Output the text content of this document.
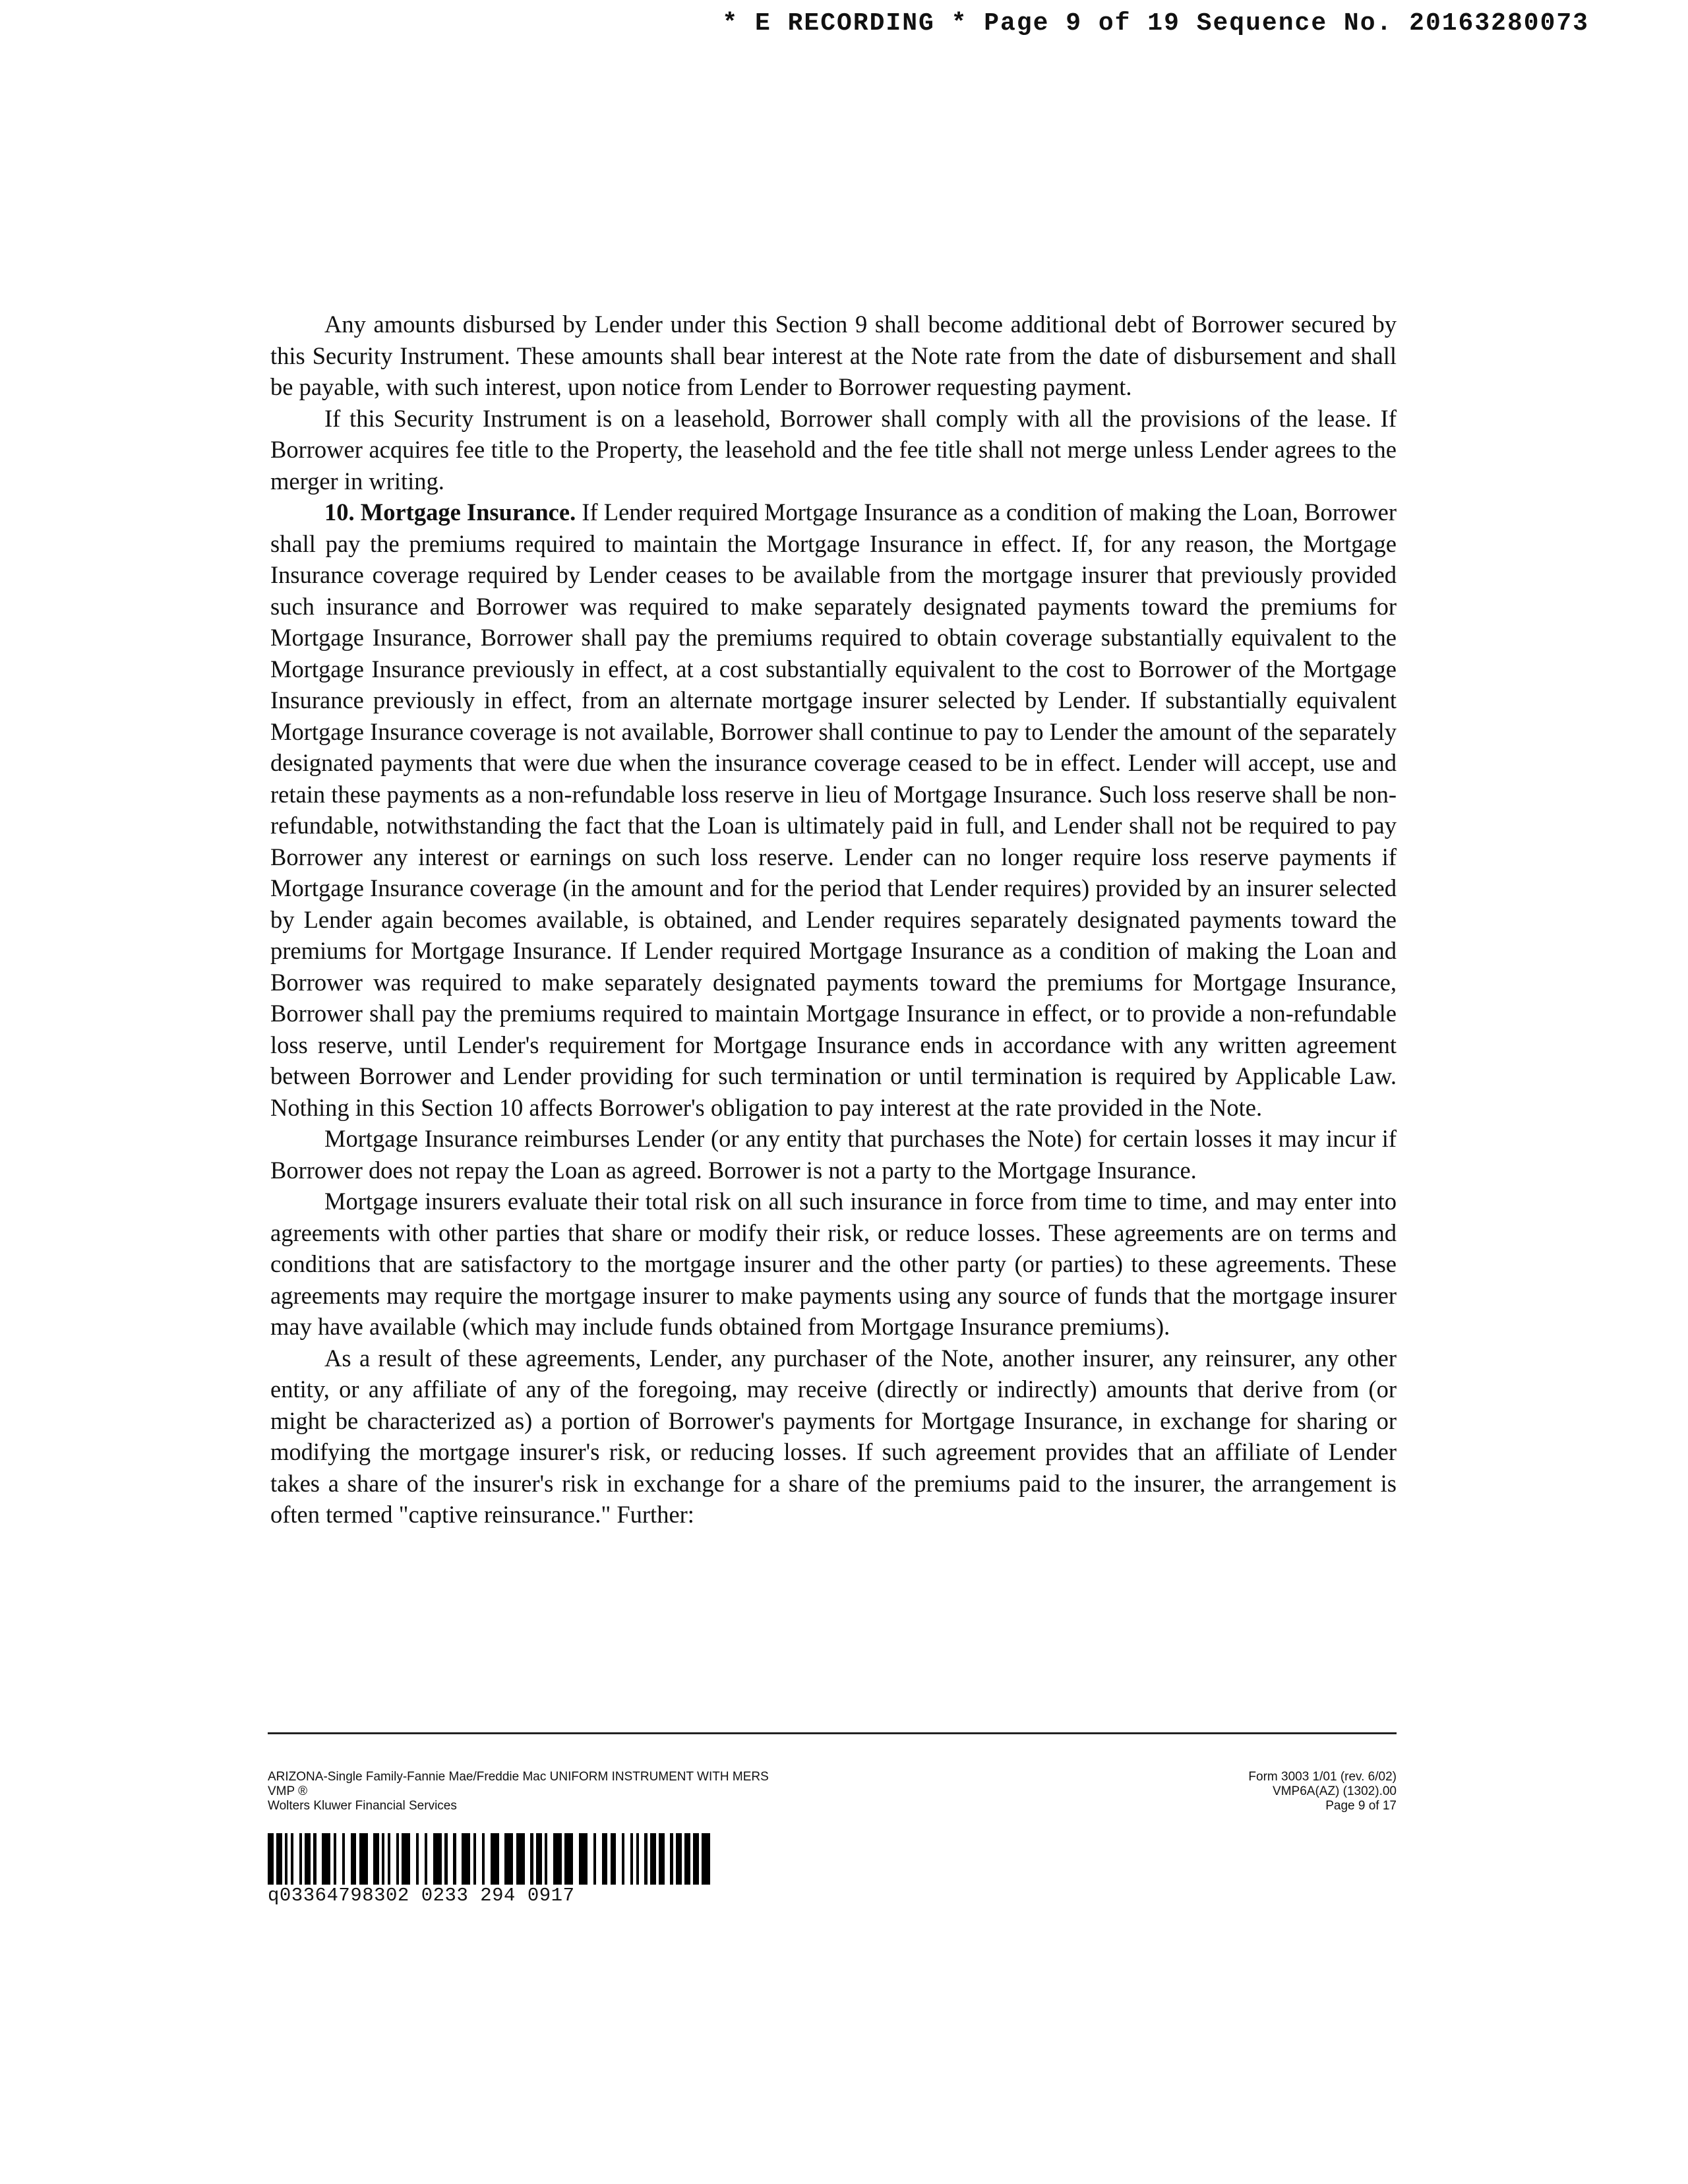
* E RECORDING * Page 9 of 19 Sequence No. 20163280073

Any amounts disbursed by Lender under this Section 9 shall become additional debt of Borrower secured by this Security Instrument. These amounts shall bear interest at the Note rate from the date of disbursement and shall be payable, with such interest, upon notice from Lender to Borrower requesting payment.

If this Security Instrument is on a leasehold, Borrower shall comply with all the provisions of the lease. If Borrower acquires fee title to the Property, the leasehold and the fee title shall not merge unless Lender agrees to the merger in writing.

10. Mortgage Insurance. If Lender required Mortgage Insurance as a condition of making the Loan, Borrower shall pay the premiums required to maintain the Mortgage Insurance in effect. If, for any reason, the Mortgage Insurance coverage required by Lender ceases to be available from the mortgage insurer that previously provided such insurance and Borrower was required to make separately designated payments toward the premiums for Mortgage Insurance, Borrower shall pay the premiums required to obtain coverage substantially equivalent to the Mortgage Insurance previously in effect, at a cost substantially equivalent to the cost to Borrower of the Mortgage Insurance previously in effect, from an alternate mortgage insurer selected by Lender. If substantially equivalent Mortgage Insurance coverage is not available, Borrower shall continue to pay to Lender the amount of the separately designated payments that were due when the insurance coverage ceased to be in effect. Lender will accept, use and retain these payments as a non-refundable loss reserve in lieu of Mortgage Insurance. Such loss reserve shall be non-refundable, notwithstanding the fact that the Loan is ultimately paid in full, and Lender shall not be required to pay Borrower any interest or earnings on such loss reserve. Lender can no longer require loss reserve payments if Mortgage Insurance coverage (in the amount and for the period that Lender requires) provided by an insurer selected by Lender again becomes available, is obtained, and Lender requires separately designated payments toward the premiums for Mortgage Insurance. If Lender required Mortgage Insurance as a condition of making the Loan and Borrower was required to make separately designated payments toward the premiums for Mortgage Insurance, Borrower shall pay the premiums required to maintain Mortgage Insurance in effect, or to provide a non-refundable loss reserve, until Lender's requirement for Mortgage Insurance ends in accordance with any written agreement between Borrower and Lender providing for such termination or until termination is required by Applicable Law. Nothing in this Section 10 affects Borrower's obligation to pay interest at the rate provided in the Note.

Mortgage Insurance reimburses Lender (or any entity that purchases the Note) for certain losses it may incur if Borrower does not repay the Loan as agreed. Borrower is not a party to the Mortgage Insurance.

Mortgage insurers evaluate their total risk on all such insurance in force from time to time, and may enter into agreements with other parties that share or modify their risk, or reduce losses. These agreements are on terms and conditions that are satisfactory to the mortgage insurer and the other party (or parties) to these agreements. These agreements may require the mortgage insurer to make payments using any source of funds that the mortgage insurer may have available (which may include funds obtained from Mortgage Insurance premiums).

As a result of these agreements, Lender, any purchaser of the Note, another insurer, any reinsurer, any other entity, or any affiliate of any of the foregoing, may receive (directly or indirectly) amounts that derive from (or might be characterized as) a portion of Borrower's payments for Mortgage Insurance, in exchange for sharing or modifying the mortgage insurer's risk, or reducing losses. If such agreement provides that an affiliate of Lender takes a share of the insurer's risk in exchange for a share of the premiums paid to the insurer, the arrangement is often termed "captive reinsurance." Further:

ARIZONA-Single Family-Fannie Mae/Freddie Mac UNIFORM INSTRUMENT WITH MERS
VMP ®
Wolters Kluwer Financial Services
Form 3003 1/01 (rev. 6/02)
VMP6A(AZ) (1302).00
Page 9 of 17
q03364798302 0233 294 0917
